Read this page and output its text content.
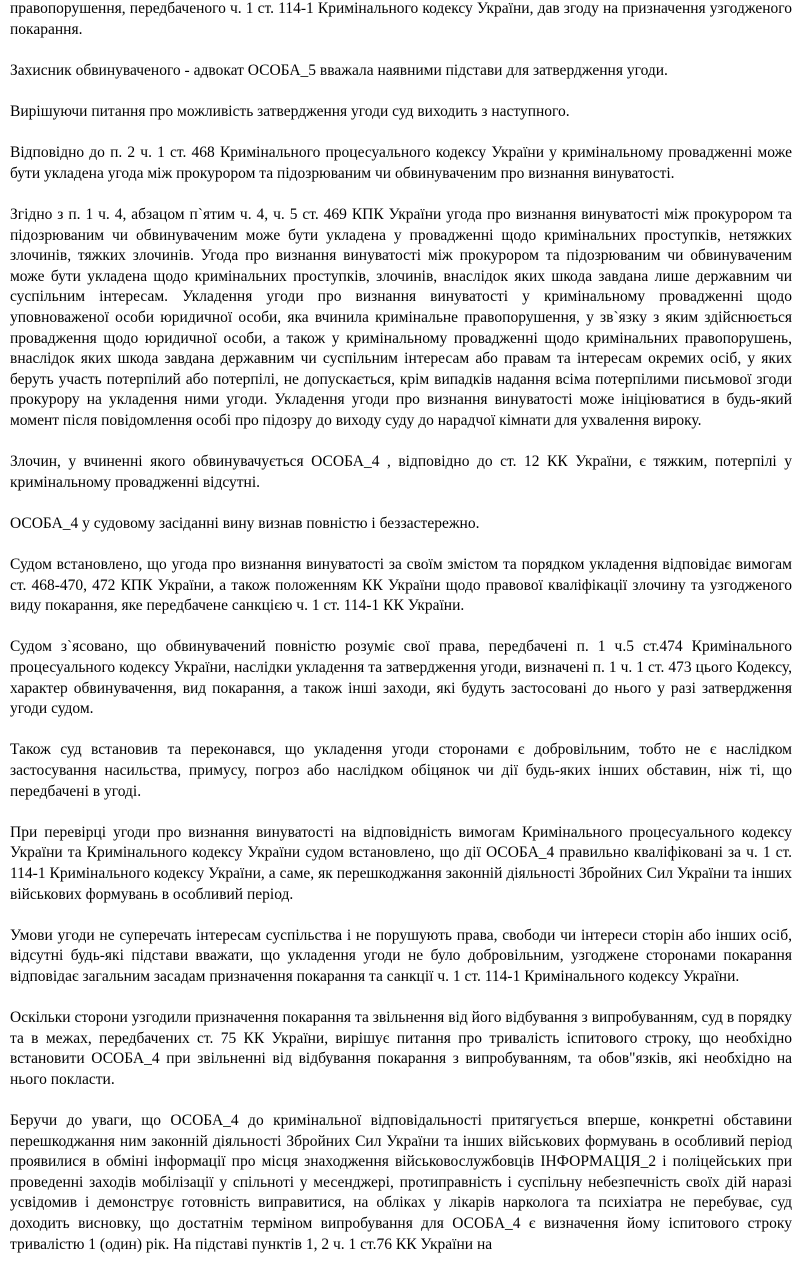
правопорушення, передбаченого ч. 1 ст. 114-1 Кримінального кодексу України, дав згоду на призначення узгодженого покарання.

Захисник обвинуваченого - адвокат ОСОБА_5 вважала наявними підстави для затвердження угоди.

Вирішуючи питання про можливість затвердження угоди суд виходить з наступного.

Відповідно до п. 2 ч. 1 ст. 468 Кримінального процесуального кодексу України у кримінальному провадженні може бути укладена угода між прокурором та підозрюваним чи обвинуваченим про визнання винуватості.

Згідно з п. 1 ч. 4, абзацом п`ятим ч. 4, ч. 5 ст. 469 КПК України угода про визнання винуватості між прокурором та підозрюваним чи обвинуваченим може бути укладена у провадженні щодо кримінальних проступків, нетяжких злочинів, тяжких злочинів. Угода про визнання винуватості між прокурором та підозрюваним чи обвинуваченим може бути укладена щодо кримінальних проступків, злочинів, внаслідок яких шкода завдана лише державним чи суспільним інтересам. Укладення угоди про визнання винуватості у кримінальному провадженні щодо уповноваженої особи юридичної особи, яка вчинила кримінальне правопорушення, у зв`язку з яким здійснюється провадження щодо юридичної особи, а також у кримінальному провадженні щодо кримінальних правопорушень, внаслідок яких шкода завдана державним чи суспільним інтересам або правам та інтересам окремих осіб, у яких беруть участь потерпілий або потерпілі, не допускається, крім випадків надання всіма потерпілими письмової згоди прокурору на укладення ними угоди. Укладення угоди про визнання винуватості може ініціюватися в будь-який момент після повідомлення особі про підозру до виходу суду до нарадчої кімнати для ухвалення вироку.

Злочин, у вчиненні якого обвинувачується ОСОБА_4 , відповідно до ст. 12 КК України, є тяжким, потерпілі у кримінальному провадженні відсутні.

ОСОБА_4 у судовому засіданні вину визнав повністю і беззастережно.

Судом встановлено, що угода про визнання винуватості за своїм змістом та порядком укладення відповідає вимогам ст. 468-470, 472 КПК України, а також положенням КК України щодо правової кваліфікації злочину та узгодженого виду покарання, яке передбачене санкцією ч. 1 ст. 114-1 КК України.

Судом з`ясовано, що обвинувачений повністю розуміє свої права, передбачені п. 1 ч.5 ст.474 Кримінального процесуального кодексу України, наслідки укладення та затвердження угоди, визначені п. 1 ч. 1 ст. 473 цього Кодексу, характер обвинувачення, вид покарання, а також інші заходи, які будуть застосовані до нього у разі затвердження угоди судом.

Також суд встановив та переконався, що укладення угоди сторонами є добровільним, тобто не є наслідком застосування насильства, примусу, погроз або наслідком обіцянок чи дії будь-яких інших обставин, ніж ті, що передбачені в угоді.

При перевірці угоди про визнання винуватості на відповідність вимогам Кримінального процесуального кодексу України та Кримінального кодексу України судом встановлено, що дії ОСОБА_4 правильно кваліфіковані за ч. 1 ст. 114-1 Кримінального кодексу України, а саме, як перешкоджання законній діяльності Збройних Сил України та інших військових формувань в особливий період.

Умови угоди не суперечать інтересам суспільства і не порушують права, свободи чи інтереси сторін або інших осіб, відсутні будь-які підстави вважати, що укладення угоди не було добровільним, узгоджене сторонами покарання відповідає загальним засадам призначення покарання та санкції ч. 1 ст. 114-1 Кримінального кодексу України.

Оскільки сторони узгодили призначення покарання та звільнення від його відбування з випробуванням, суд в порядку та в межах, передбачених ст. 75 КК України, вирішує питання про тривалість іспитового строку, що необхідно встановити ОСОБА_4 при звільненні від відбування покарання з випробуванням, та обов"язків, які необхідно на нього покласти.

Беручи до уваги, що ОСОБА_4 до кримінальної відповідальності притягується вперше, конкретні обставини перешкоджання ним законній діяльності Збройних Сил України та інших військових формувань в особливий період проявилися в обміні інформації про місця знаходження військовослужбовців ІНФОРМАЦІЯ_2 і поліцейських при проведенні заходів мобілізації у спільноті у месенджері, протиправність і суспільну небезпечність своїх дій наразі усвідомив і демонструє готовність виправитися, на обліках у лікарів нарколога та психіатра не перебуває, суд доходить висновку, що достатнім терміном випробування для ОСОБА_4 є визначення йому іспитового строку тривалістю 1 (один) рік. На підставі пунктів 1, 2 ч. 1 ст.76 КК України на
